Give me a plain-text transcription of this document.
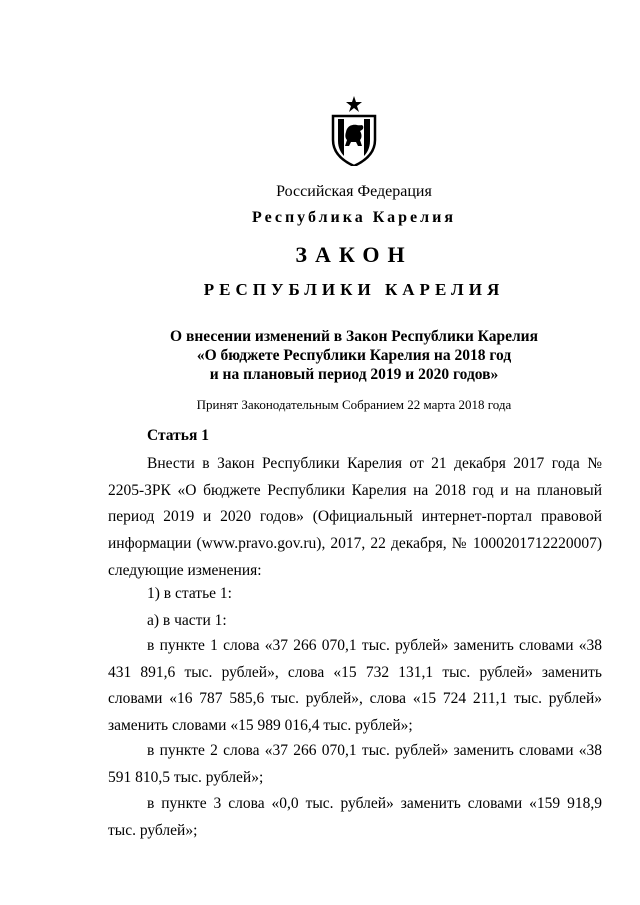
Российская Федерация
Республика Карелия
ЗАКОН
РЕСПУБЛИКИ КАРЕЛИЯ
О внесении изменений в Закон Республики Карелия
«О бюджете Республики Карелия на 2018 год
и на плановый период 2019 и 2020 годов»
Принят Законодательным Собранием 22 марта 2018 года
Статья 1

Внести в Закон Республики Карелия от 21 декабря 2017 года № 2205-ЗРК «О бюджете Республики Карелия на 2018 год и на плановый период 2019 и 2020 годов» (Официальный интернет-портал правовой информации (www.pravo.gov.ru), 2017, 22 декабря, № 1000201712220007) следующие изменения:

1) в статье 1:
а) в части 1:

в пункте 1 слова «37 266 070,1 тыс. рублей» заменить словами «38 431 891,6 тыс. рублей», слова «15 732 131,1 тыс. рублей» заменить словами «16 787 585,6 тыс. рублей», слова «15 724 211,1 тыс. рублей» заменить словами «15 989 016,4 тыс. рублей»;

в пункте 2 слова «37 266 070,1 тыс. рублей» заменить словами «38 591 810,5 тыс. рублей»;

в пункте 3 слова «0,0 тыс. рублей» заменить словами «159 918,9 тыс. рублей»;
